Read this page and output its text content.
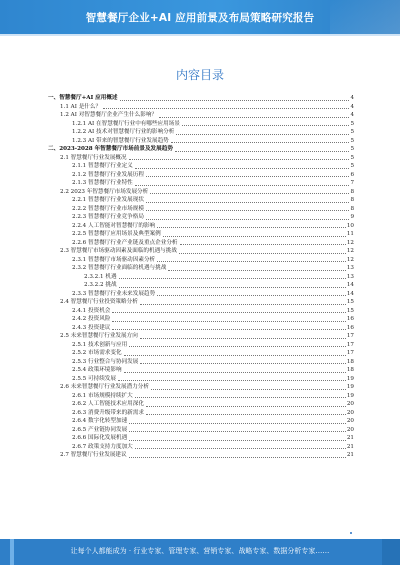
智慧餐厅企业+AI 应用前景及布局策略研究报告
内容目录
一、智慧餐厅+AI 应用概述	4
1.1 AI 是什么？	4
1.2 AI 对智慧餐厅企业产生什么影响？	4
1.2.1 AI 在智慧餐厅行业中有哪些应用场景	5
1.2.2 AI 技术对智慧餐厅行业的影响分析	5
1.2.3 AI 带来的智慧餐厅行业发展趋势	5
二、2023-2028 年智慧餐厅市场前景及发展趋势	5
2.1 智慧餐厅行业发展概况	5
2.1.1 智慧餐厅行业定义	5
2.1.2 智慧餐厅行业发展历程	6
2.1.3 智慧餐厅行业特性	7
2.2 2023 年智慧餐厅市场发展分析	8
2.2.1 智慧餐厅行业发展现状	8
2.2.2 智慧餐厅行业市场规模	8
2.2.3 智慧餐厅行业竞争格局	9
2.2.4 人工智能对智慧餐厅的影响	10
2.2.5 智慧餐厅应用场景及典型案例	11
2.2.6 智慧餐厅行业产业链及重点企业分析	12
2.3 智慧餐厅市场驱动因素及面临的机遇与挑战	12
2.3.1 智慧餐厅市场驱动因素分析	12
2.3.2 智慧餐厅行业面临的机遇与挑战	13
2.3.2.1 机遇	13
2.3.2.2 挑战	14
2.3.3 智慧餐厅行业未来发展趋势	14
2.4 智慧餐厅行业投资策略分析	15
2.4.1 投资机会	15
2.4.2 投资风险	16
2.4.3 投资建议	16
2.5 未来智慧餐厅行业发展方向	17
2.5.1 技术创新与应用	17
2.5.2 市场需求变化	17
2.5.3 行业整合与协同发展	18
2.5.4 政策环境影响	18
2.5.5 可持续发展	19
2.6 未来智慧餐厅行业发展潜力分析	19
2.6.1 市场规模持续扩大	19
2.6.2 人工智能技术应用深化	20
2.6.3 消费升级带来的新需求	20
2.6.4 数字化转型加速	20
2.6.5 产业链协同发展	20
2.6.6 国际化发展机遇	21
2.6.7 政策支持力度加大	21
2.7 智慧餐厅行业发展建议	21
让每个人都能成为 · 行业专家、管理专家、营销专家、战略专家、数据分析专家……
